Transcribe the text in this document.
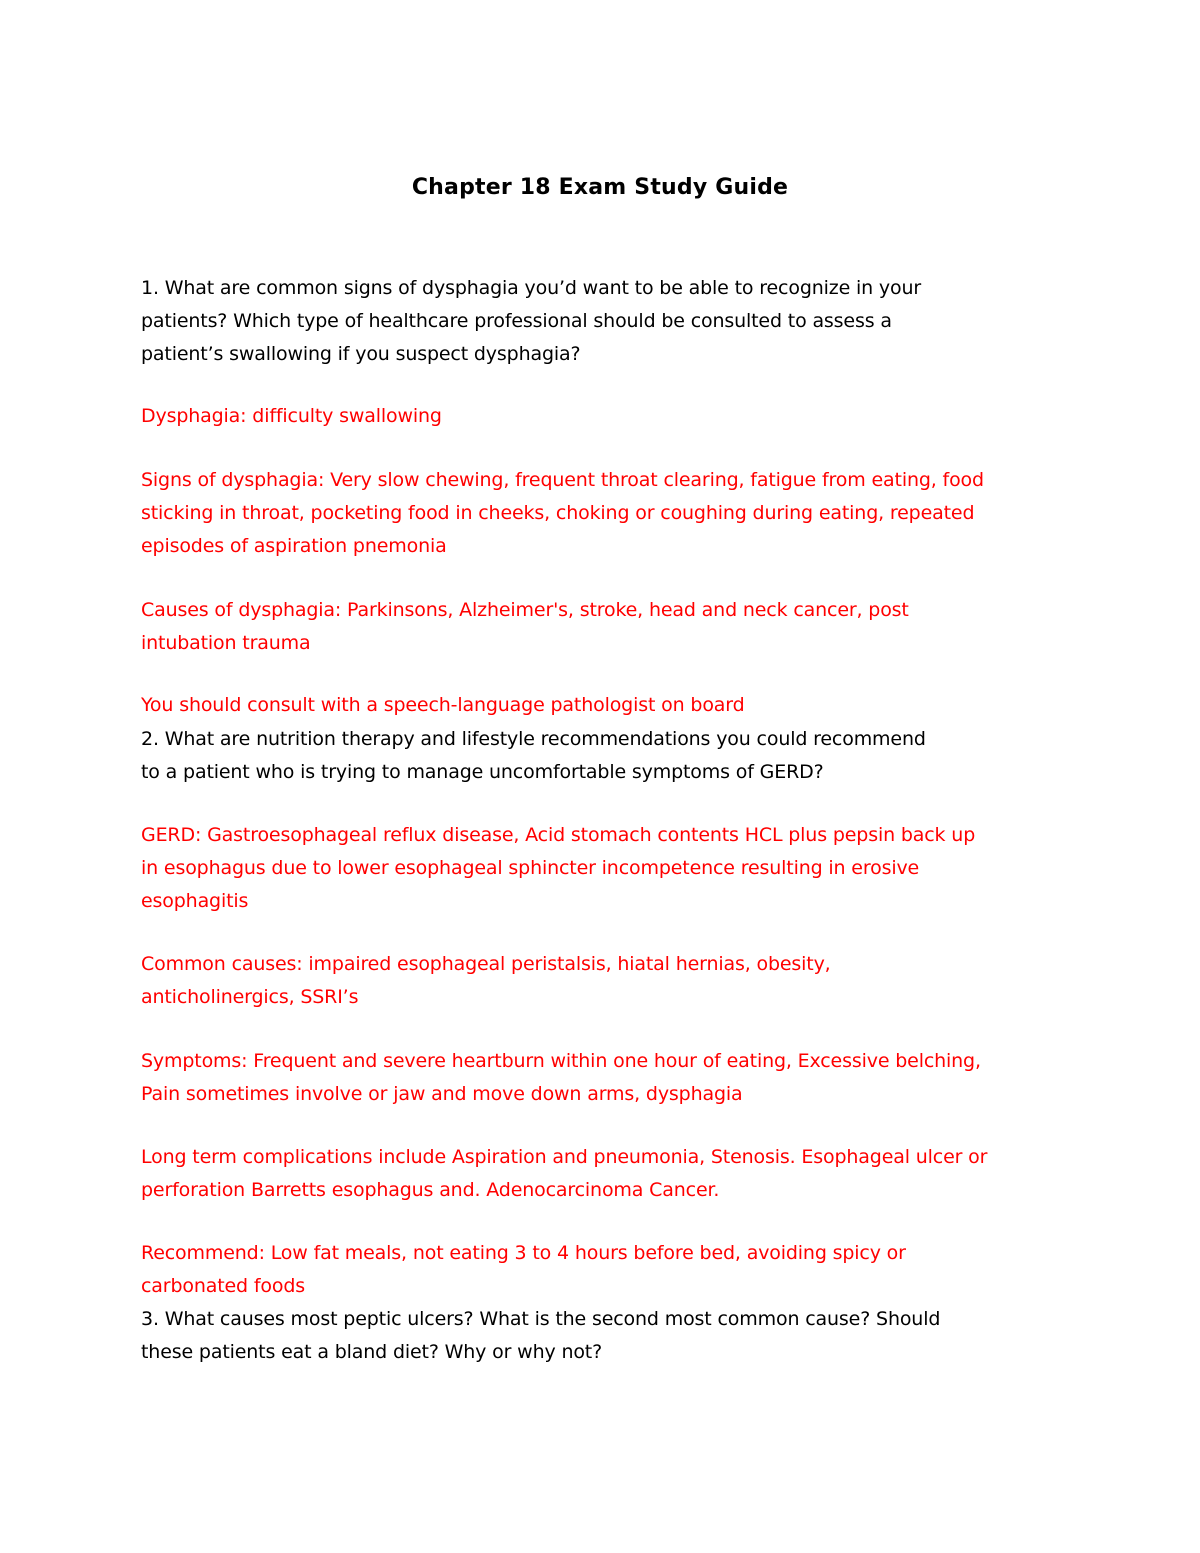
Chapter 18 Exam Study Guide
1. What are common signs of dysphagia you’d want to be able to recognize in your
patients? Which type of healthcare professional should be consulted to assess a
patient’s swallowing if you suspect dysphagia?
Dysphagia: difficulty swallowing
Signs of dysphagia: Very slow chewing, frequent throat clearing, fatigue from eating, food
sticking in throat, pocketing food in cheeks, choking or coughing during eating, repeated
episodes of aspiration pnemonia
Causes of dysphagia: Parkinsons, Alzheimer's, stroke, head and neck cancer, post
intubation trauma
You should consult with a speech-language pathologist on board
2. What are nutrition therapy and lifestyle recommendations you could recommend
to a patient who is trying to manage uncomfortable symptoms of GERD?
GERD: Gastroesophageal reflux disease, Acid stomach contents HCL plus pepsin back up
in esophagus due to lower esophageal sphincter incompetence resulting in erosive
esophagitis
Common causes: impaired esophageal peristalsis, hiatal hernias, obesity,
anticholinergics, SSRI’s
Symptoms: Frequent and severe heartburn within one hour of eating, Excessive belching,
Pain sometimes involve or jaw and move down arms, dysphagia
Long term complications include Aspiration and pneumonia, Stenosis. Esophageal ulcer or
perforation Barretts esophagus and. Adenocarcinoma Cancer.
Recommend: Low fat meals, not eating 3 to 4 hours before bed, avoiding spicy or
carbonated foods
3. What causes most peptic ulcers? What is the second most common cause? Should
these patients eat a bland diet? Why or why not?
